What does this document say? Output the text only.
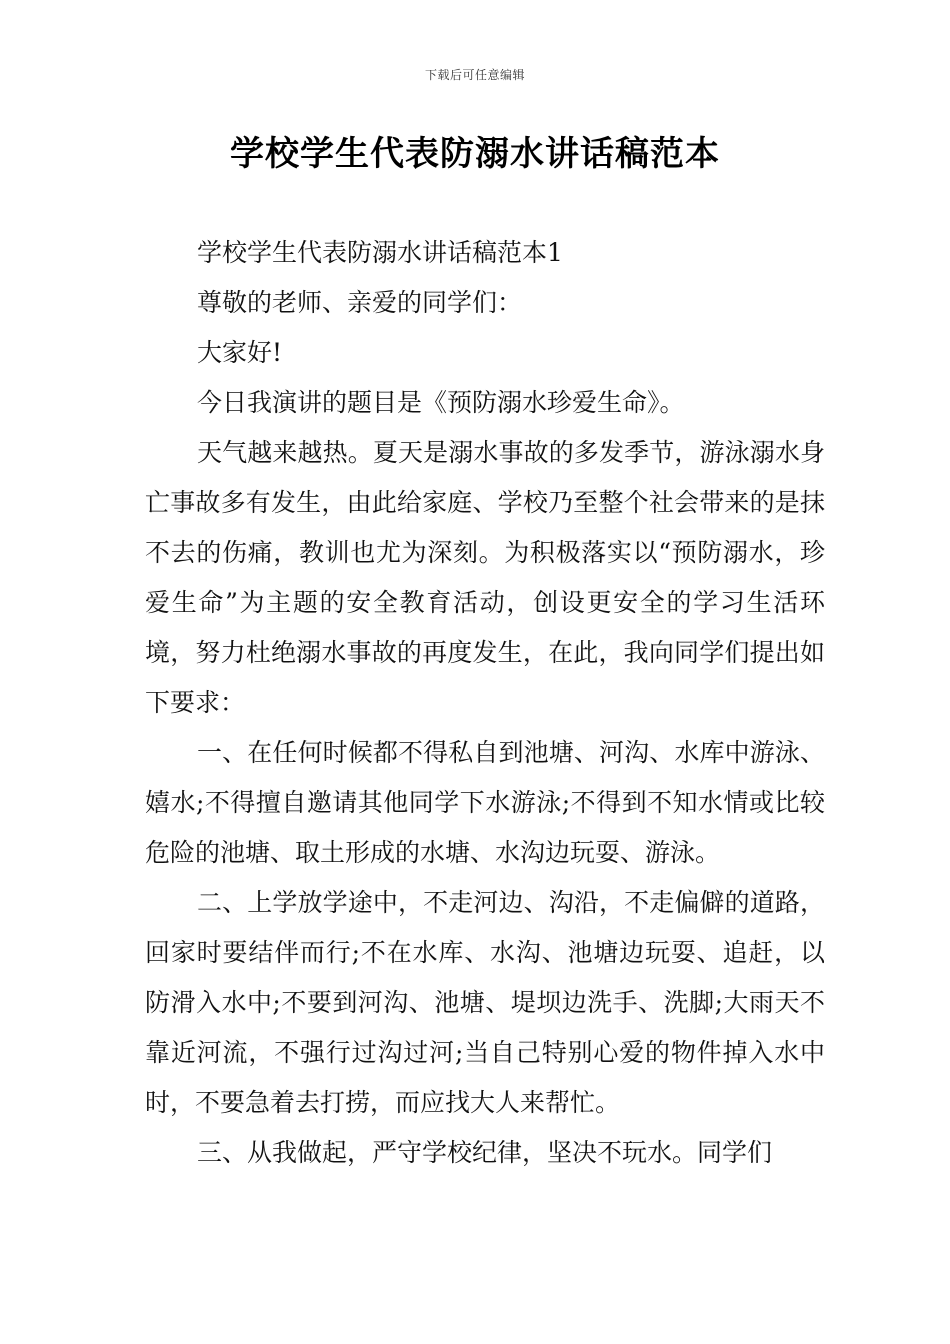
下载后可任意编辑
学校学生代表防溺水讲话稿范本

学校学生代表防溺水讲话稿范本1

尊敬的老师、亲爱的同学们：

大家好!

今日我演讲的题目是《预防溺水珍爱生命》。

天气越来越热。夏天是溺水事故的多发季节，游泳溺水身亡事故多有发生，由此给家庭、学校乃至整个社会带来的是抹不去的伤痛，教训也尤为深刻。为积极落实以“预防溺水，珍爱生命”为主题的安全教育活动，创设更安全的学习生活环境，努力杜绝溺水事故的再度发生，在此，我向同学们提出如下要求：

一、在任何时候都不得私自到池塘、河沟、水库中游泳、嬉水;不得擅自邀请其他同学下水游泳;不得到不知水情或比较危险的池塘、取土形成的水塘、水沟边玩耍、游泳。

二、上学放学途中，不走河边、沟沿，不走偏僻的道路，回家时要结伴而行;不在水库、水沟、池塘边玩耍、追赶，以防滑入水中;不要到河沟、池塘、堤坝边洗手、洗脚;大雨天不靠近河流，不强行过沟过河;当自己特别心爱的物件掉入水中时，不要急着去打捞，而应找大人来帮忙。

三、从我做起，严守学校纪律，坚决不玩水。同学们
